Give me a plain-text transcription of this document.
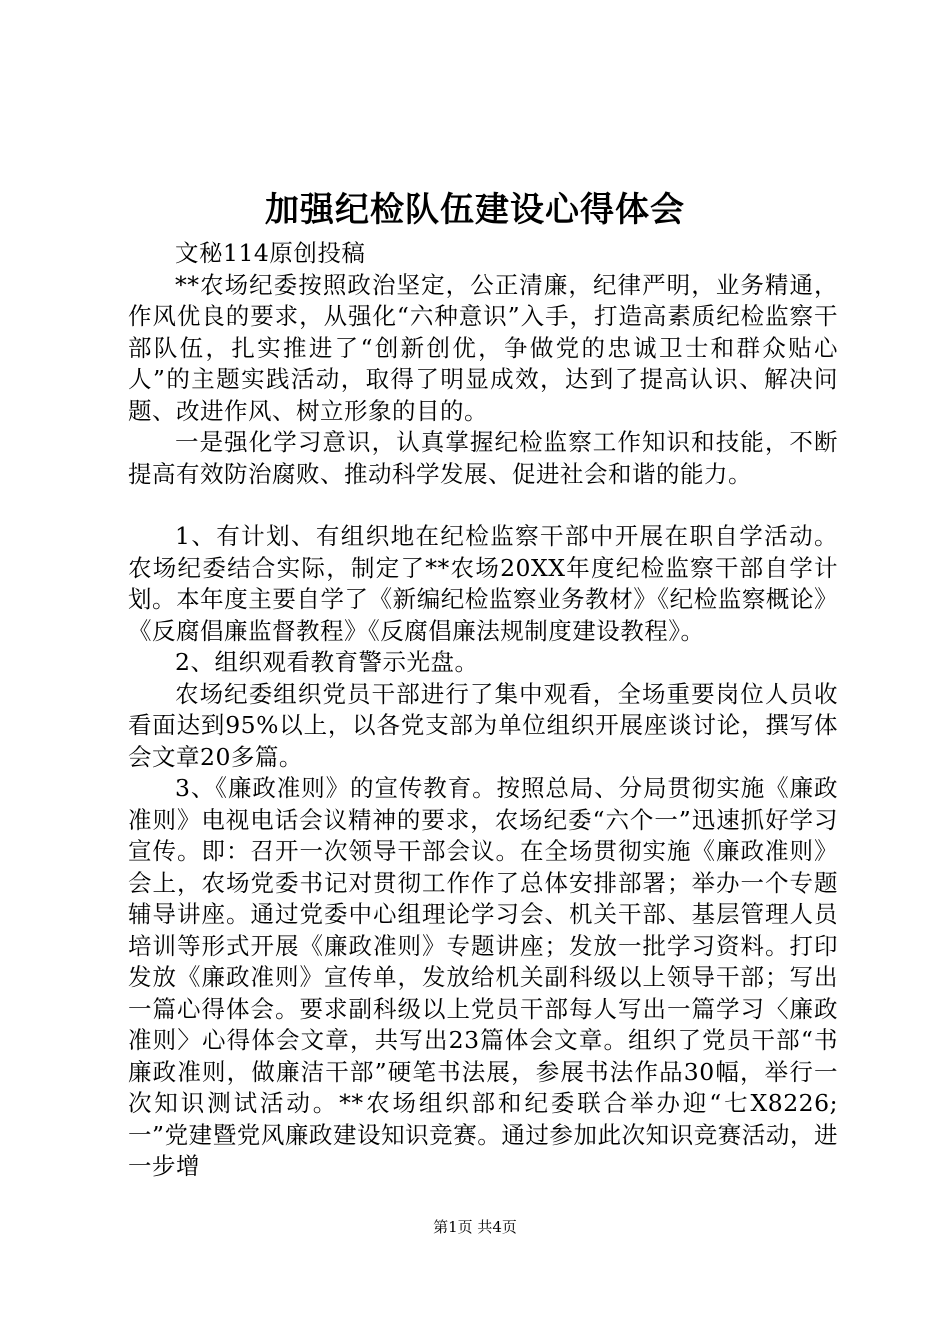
加强纪检队伍建设心得体会

文秘114原创投稿

**农场纪委按照政治坚定，公正清廉，纪律严明，业务精通，作风优良的要求，从强化“六种意识”入手，打造高素质纪检监察干部队伍，扎实推进了“创新创优，争做党的忠诚卫士和群众贴心人”的主题实践活动，取得了明显成效，达到了提高认识、解决问题、改进作风、树立形象的目的。

一是强化学习意识，认真掌握纪检监察工作知识和技能，不断提高有效防治腐败、推动科学发展、促进社会和谐的能力。

1、有计划、有组织地在纪检监察干部中开展在职自学活动。农场纪委结合实际，制定了**农场20XX年度纪检监察干部自学计划。本年度主要自学了《新编纪检监察业务教材》《纪检监察概论》《反腐倡廉监督教程》《反腐倡廉法规制度建设教程》。

2、组织观看教育警示光盘。

农场纪委组织党员干部进行了集中观看，全场重要岗位人员收看面达到95%以上，以各党支部为单位组织开展座谈讨论，撰写体会文章20多篇。

3、《廉政准则》的宣传教育。按照总局、分局贯彻实施《廉政准则》电视电话会议精神的要求，农场纪委“六个一”迅速抓好学习宣传。即：召开一次领导干部会议。在全场贯彻实施《廉政准则》会上，农场党委书记对贯彻工作作了总体安排部署；举办一个专题辅导讲座。通过党委中心组理论学习会、机关干部、基层管理人员培训等形式开展《廉政准则》专题讲座；发放一批学习资料。打印发放《廉政准则》宣传单，发放给机关副科级以上领导干部；写出一篇心得体会。要求副科级以上党员干部每人写出一篇学习〈廉政准则〉心得体会文章，共写出23篇体会文章。组织了党员干部“书廉政准则，做廉洁干部”硬笔书法展，参展书法作品30幅，举行一次知识测试活动。**农场组织部和纪委联合举办迎“七X8226;一”党建暨党风廉政建设知识竞赛。通过参加此次知识竞赛活动，进一步增

第1页 共4页
